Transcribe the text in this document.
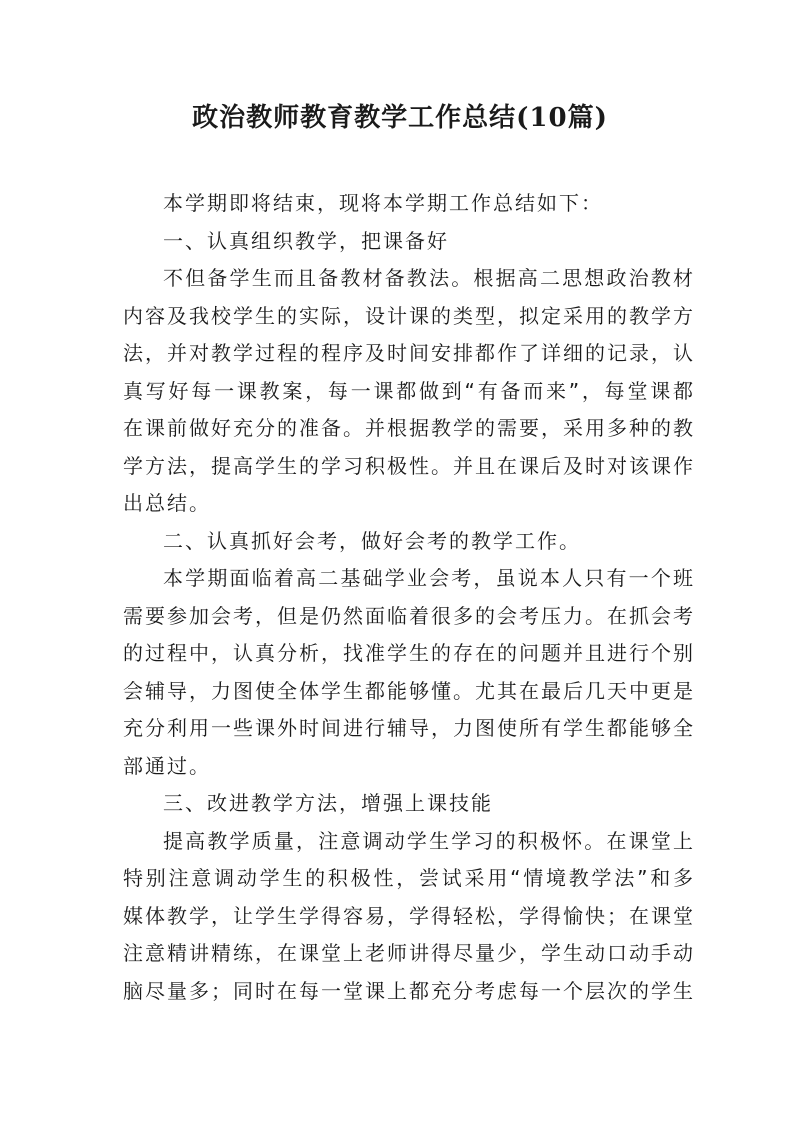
政治教师教育教学工作总结(10篇)

本学期即将结束，现将本学期工作总结如下：

一、认真组织教学，把课备好

不但备学生而且备教材备教法。根据高二思想政治教材内容及我校学生的实际，设计课的类型，拟定采用的教学方法，并对教学过程的程序及时间安排都作了详细的记录，认真写好每一课教案，每一课都做到“有备而来”，每堂课都在课前做好充分的准备。并根据教学的需要，采用多种的教学方法，提高学生的学习积极性。并且在课后及时对该课作出总结。

二、认真抓好会考，做好会考的教学工作。

本学期面临着高二基础学业会考，虽说本人只有一个班需要参加会考，但是仍然面临着很多的会考压力。在抓会考的过程中，认真分析，找准学生的存在的问题并且进行个别会辅导，力图使全体学生都能够懂。尤其在最后几天中更是充分利用一些课外时间进行辅导，力图使所有学生都能够全部通过。

三、改进教学方法，增强上课技能

提高教学质量，注意调动学生学习的积极怀。在课堂上特别注意调动学生的积极性，尝试采用“情境教学法”和多媒体教学，让学生学得容易，学得轻松，学得愉快；在课堂注意精讲精练，在课堂上老师讲得尽量少，学生动口动手动脑尽量多；同时在每一堂课上都充分考虑每一个层次的学生
